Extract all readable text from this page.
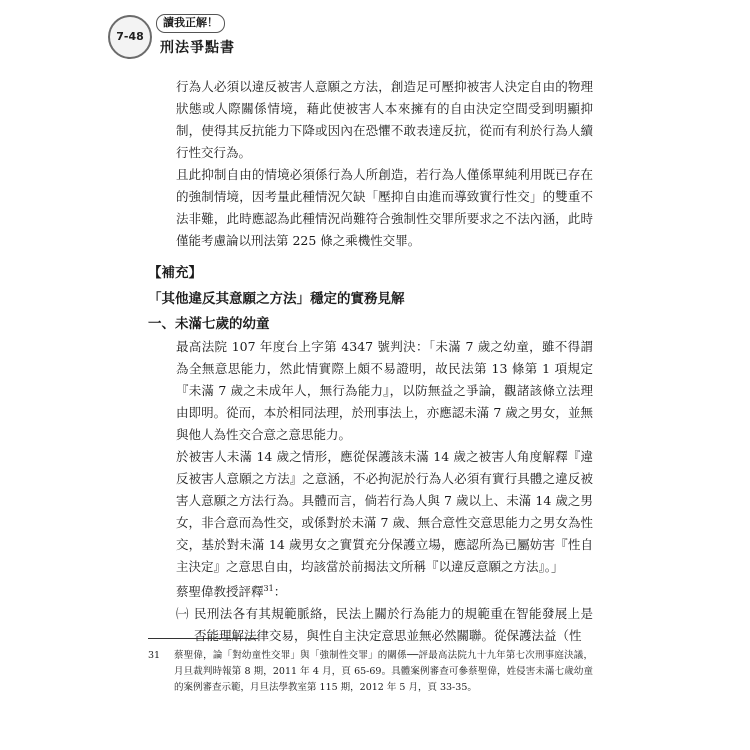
7-48
讀我正解！
刑法爭點書

行為人必須以違反被害人意願之方法，創造足可壓抑被害人決定自由的物理狀態或人際關係情境，藉此使被害人本來擁有的自由決定空間受到明顯抑制，使得其反抗能力下降或因內在恐懼不敢表達反抗，從而有利於行為人續行性交行為。

且此抑制自由的情境必須係行為人所創造，若行為人僅係單純利用既已存在的強制情境，因考量此種情況欠缺「壓抑自由進而導致實行性交」的雙重不法非難，此時應認為此種情況尚難符合強制性交罪所要求之不法內涵，此時僅能考慮論以刑法第 225 條之乘機性交罪。

【補充】
「其他違反其意願之方法」穩定的實務見解
一、未滿七歲的幼童

最高法院 107 年度台上字第 4347 號判決：「未滿 7 歲之幼童，雖不得謂為全無意思能力，然此情實際上頗不易證明，故民法第 13 條第 1 項規定『未滿 7 歲之未成年人，無行為能力』，以防無益之爭論，觀諸該條立法理由即明。從而，本於相同法理，於刑事法上，亦應認未滿 7 歲之男女，並無與他人為性交合意之意思能力。

於被害人未滿 14 歲之情形，應從保護該未滿 14 歲之被害人角度解釋『違反被害人意願之方法』之意涵，不必拘泥於行為人必須有實行具體之違反被害人意願之方法行為。具體而言，倘若行為人與 7 歲以上、未滿 14 歲之男女，非合意而為性交，或係對於未滿 7 歲、無合意性交意思能力之男女為性交，基於對未滿 14 歲男女之實質充分保護立場，應認所為已屬妨害『性自主決定』之意思自由，均該當於前揭法文所稱『以違反意願之方法』。」

蔡聖偉教授評釋$^{31}$：

㈠ 民刑法各有其規範脈絡，民法上關於行為能力的規範重在智能發展上是否能理解法律交易，與性自主決定意思並無必然關聯。從保護法益（性

31	蔡聖偉，論「對幼童性交罪」與「強制性交罪」的關係──評最高法院九十九年第七次刑事庭決議，月旦裁判時報第 8 期，2011 年 4 月，頁 65-69。具體案例審查可參蔡聖偉，姓侵害未滿七歲幼童的案例審查示範，月旦法學教室第 115 期，2012 年 5 月，頁 33-35。
